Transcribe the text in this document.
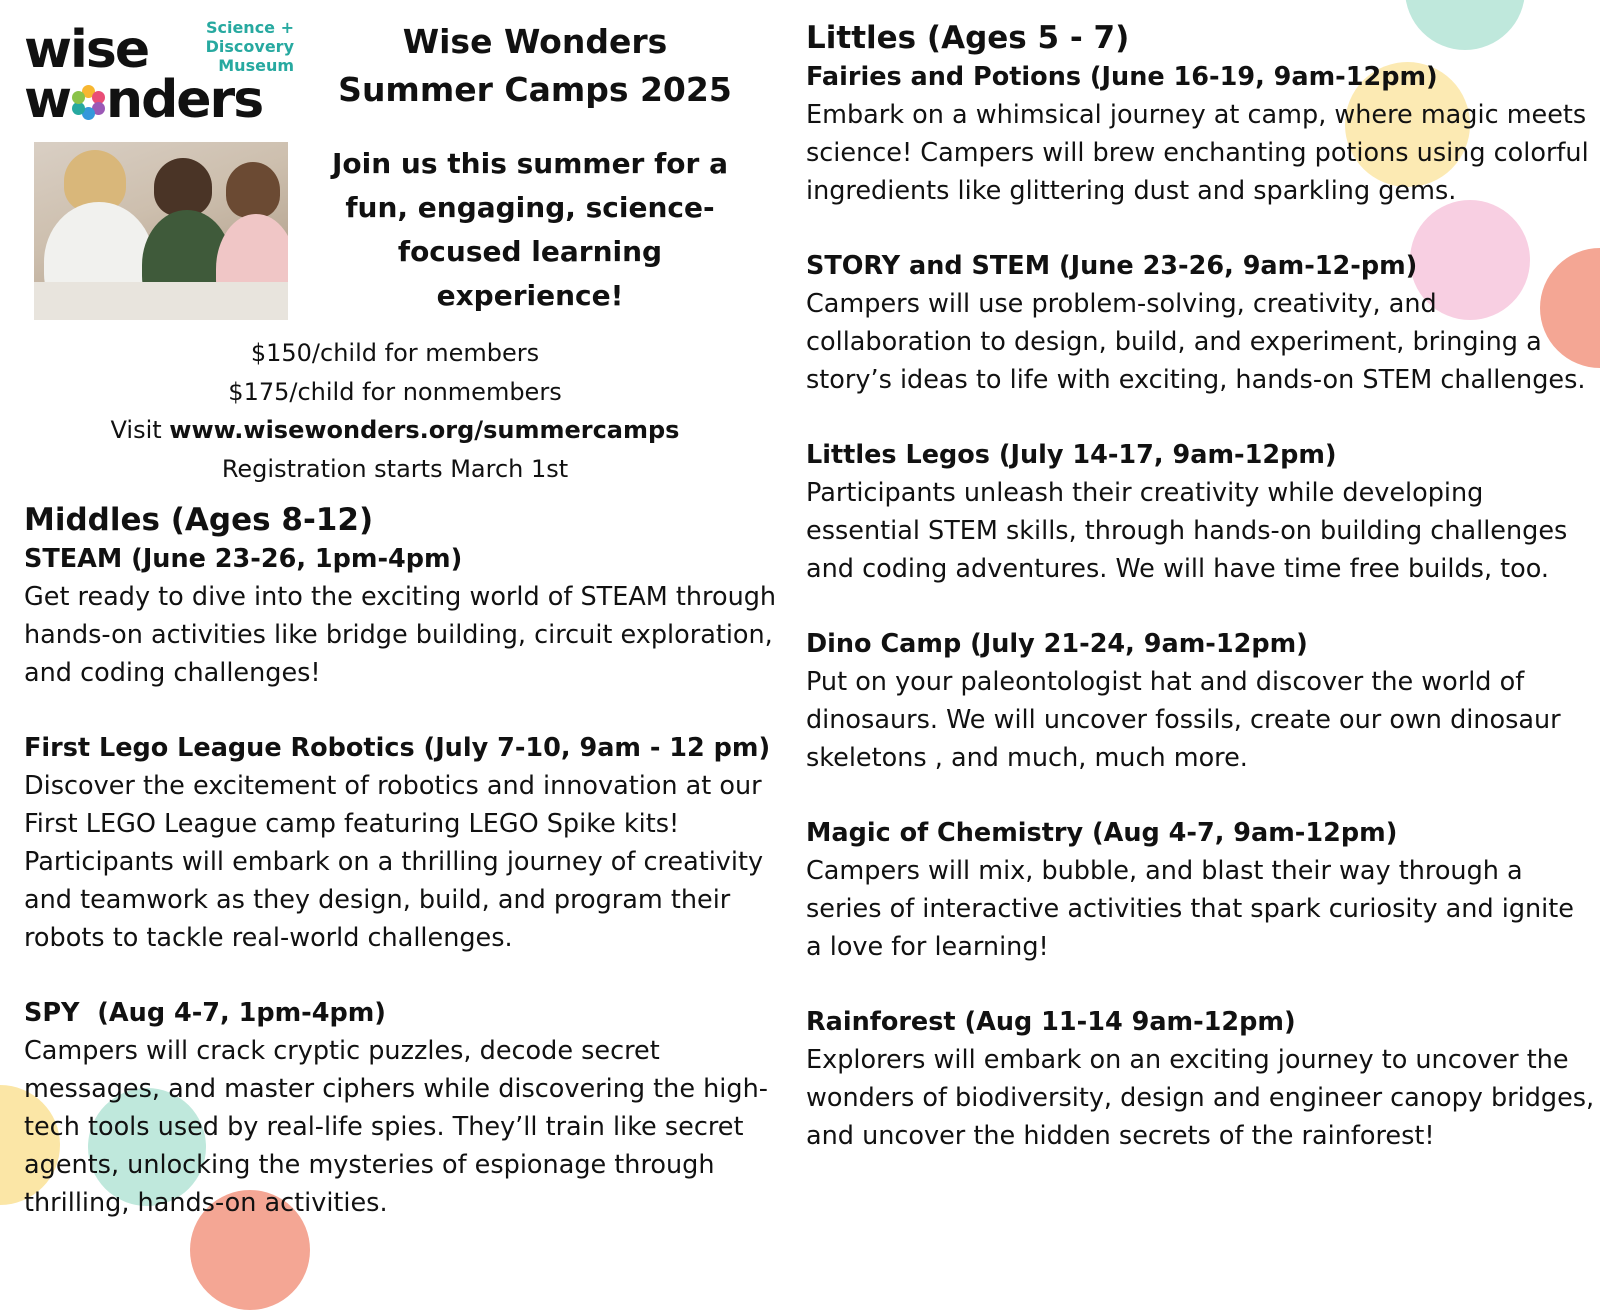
wise
w nders
Science +
Discovery
Museum
Wise Wonders
Summer Camps 2025
Join us this summer for a
fun, engaging, science-
focused learning
experience!
$150/child for members
$175/child for nonmembers
Visit www.wisewonders.org/summercamps
Registration starts March 1st
Middles (Ages 8-12)
STEAM (June 23-26, 1pm-4pm)

Get ready to dive into the exciting world of STEAM through hands-on activities like bridge building, circuit exploration, and coding challenges!

First Lego League Robotics (July 7-10, 9am - 12 pm)

Discover the excitement of robotics and innovation at our First LEGO League camp featuring LEGO Spike kits! Participants will embark on a thrilling journey of creativity and teamwork as they design, build, and program their robots to tackle real-world challenges.

SPY  (Aug 4-7, 1pm-4pm)

Campers will crack cryptic puzzles, decode secret messages, and master ciphers while discovering the high-tech tools used by real-life spies. They’ll train like secret agents, unlocking the mysteries of espionage through thrilling, hands-on activities.

Littles (Ages 5 - 7)
Fairies and Potions (June 16-19, 9am-12pm)

Embark on a whimsical journey at camp, where magic meets science! Campers will brew enchanting potions using colorful ingredients like glittering dust and sparkling gems.

STORY and STEM (June 23-26, 9am-12-pm)

Campers will use problem-solving, creativity, and collaboration to design, build, and experiment, bringing a story’s ideas to life with exciting, hands-on STEM challenges.

Littles Legos (July 14-17, 9am-12pm)

Participants unleash their creativity while developing essential STEM skills, through hands-on building challenges and coding adventures. We will have time free builds, too.

Dino Camp (July 21-24, 9am-12pm)

Put on your paleontologist hat and discover the world of dinosaurs. We will uncover fossils, create our own dinosaur skeletons , and much, much more.

Magic of Chemistry (Aug 4-7, 9am-12pm)

Campers will mix, bubble, and blast their way through a series of interactive activities that spark curiosity and ignite a love for learning!

Rainforest (Aug 11-14 9am-12pm)

Explorers will embark on an exciting journey to uncover the wonders of biodiversity, design and engineer canopy bridges, and uncover the hidden secrets of the rainforest!
